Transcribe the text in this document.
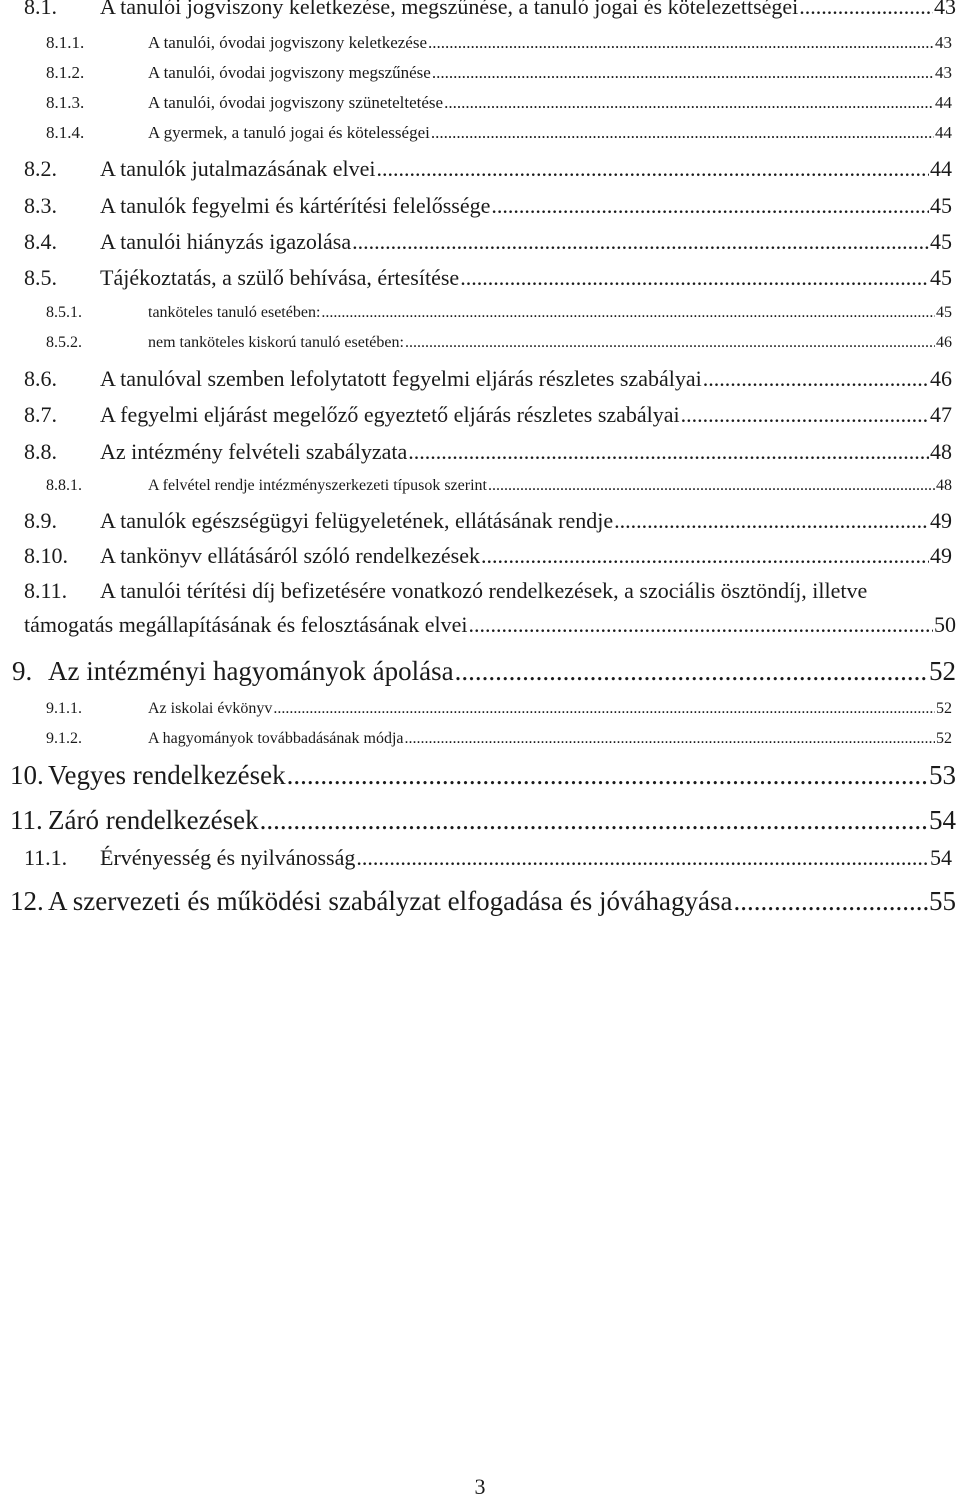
8.1.	A tanulói jogviszony keletkezése, megszűnése, a tanuló jogai és kötelezettségei .....	43
8.1.1.	A tanulói, óvodai jogviszony keletkezése .....	43
8.1.2.	A tanulói, óvodai jogviszony megszűnése .....	43
8.1.3.	A tanulói, óvodai jogviszony szüneteltetése .....	44
8.1.4.	A gyermek, a tanuló jogai és kötelességei .....	44
8.2.	A tanulók jutalmazásának elvei .....	44
8.3.	A tanulók fegyelmi és kártérítési felelőssége .....	45
8.4.	A tanulói hiányzás igazolása .....	45
8.5.	Tájékoztatás, a szülő behívása, értesítése .....	45
8.5.1.	tanköteles tanuló esetében: .....	45
8.5.2.	nem tanköteles kiskorú tanuló esetében: .....	46
8.6.	A tanulóval szemben lefolytatott fegyelmi eljárás részletes szabályai .....	46
8.7.	A fegyelmi eljárást megelőző egyeztető eljárás részletes szabályai .....	47
8.8.	Az intézmény felvételi szabályzata .....	48
8.8.1.	A felvétel rendje intézményszerkezeti típusok szerint .....	48
8.9.	A tanulók egészségügyi felügyeletének, ellátásának rendje .....	49
8.10.	A tankönyv ellátásáról szóló rendelkezések .....	49
8.11.	A tanulói térítési díj befizetésére vonatkozó rendelkezések, a szociális ösztöndíj, illetve
támogatás megállapításának és felosztásának elvei .....	50
9. Az intézményi hagyományok ápolása .....	52
9.1.1.	Az iskolai évkönyv .....	52
9.1.2.	A hagyományok továbbadásának módja .....	52
10. Vegyes rendelkezések .....	53
11. Záró rendelkezések .....	54
11.1.	Érvényesség és nyilvánosság .....	54
12. A szervezeti és működési szabályzat elfogadása és jóváhagyása .....	55
3
